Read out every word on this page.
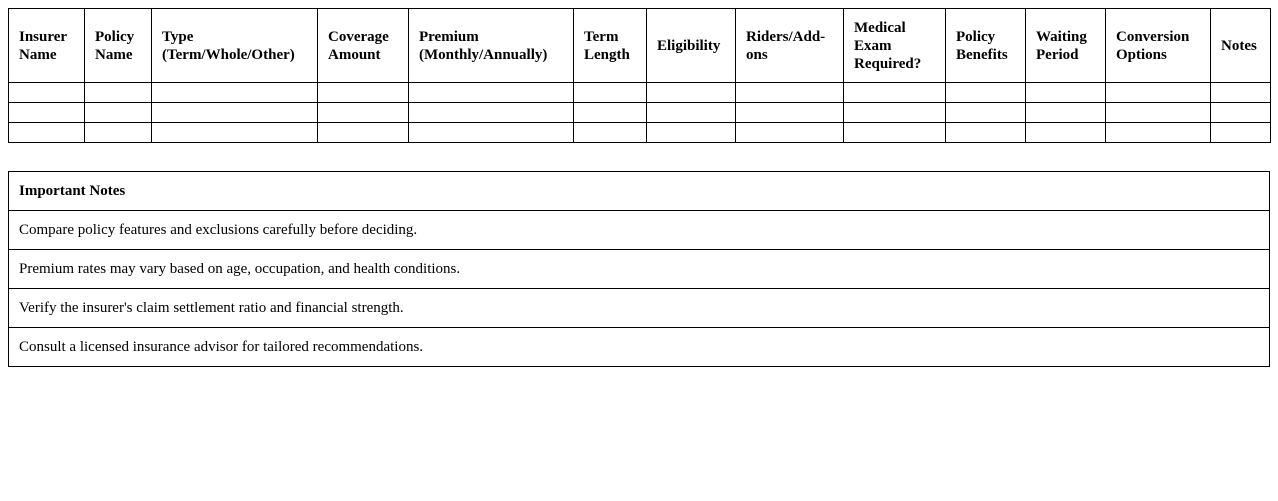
Insurer Name	Policy Name	Type (Term/Whole/Other)	Coverage Amount	Premium (Monthly/Annually)	Term Length	Eligibility	Riders/Add-ons	Medical Exam Required?	Policy Benefits	Waiting Period	Conversion Options	Notes

Important Notes
Compare policy features and exclusions carefully before deciding.
Premium rates may vary based on age, occupation, and health conditions.
Verify the insurer's claim settlement ratio and financial strength.
Consult a licensed insurance advisor for tailored recommendations.
